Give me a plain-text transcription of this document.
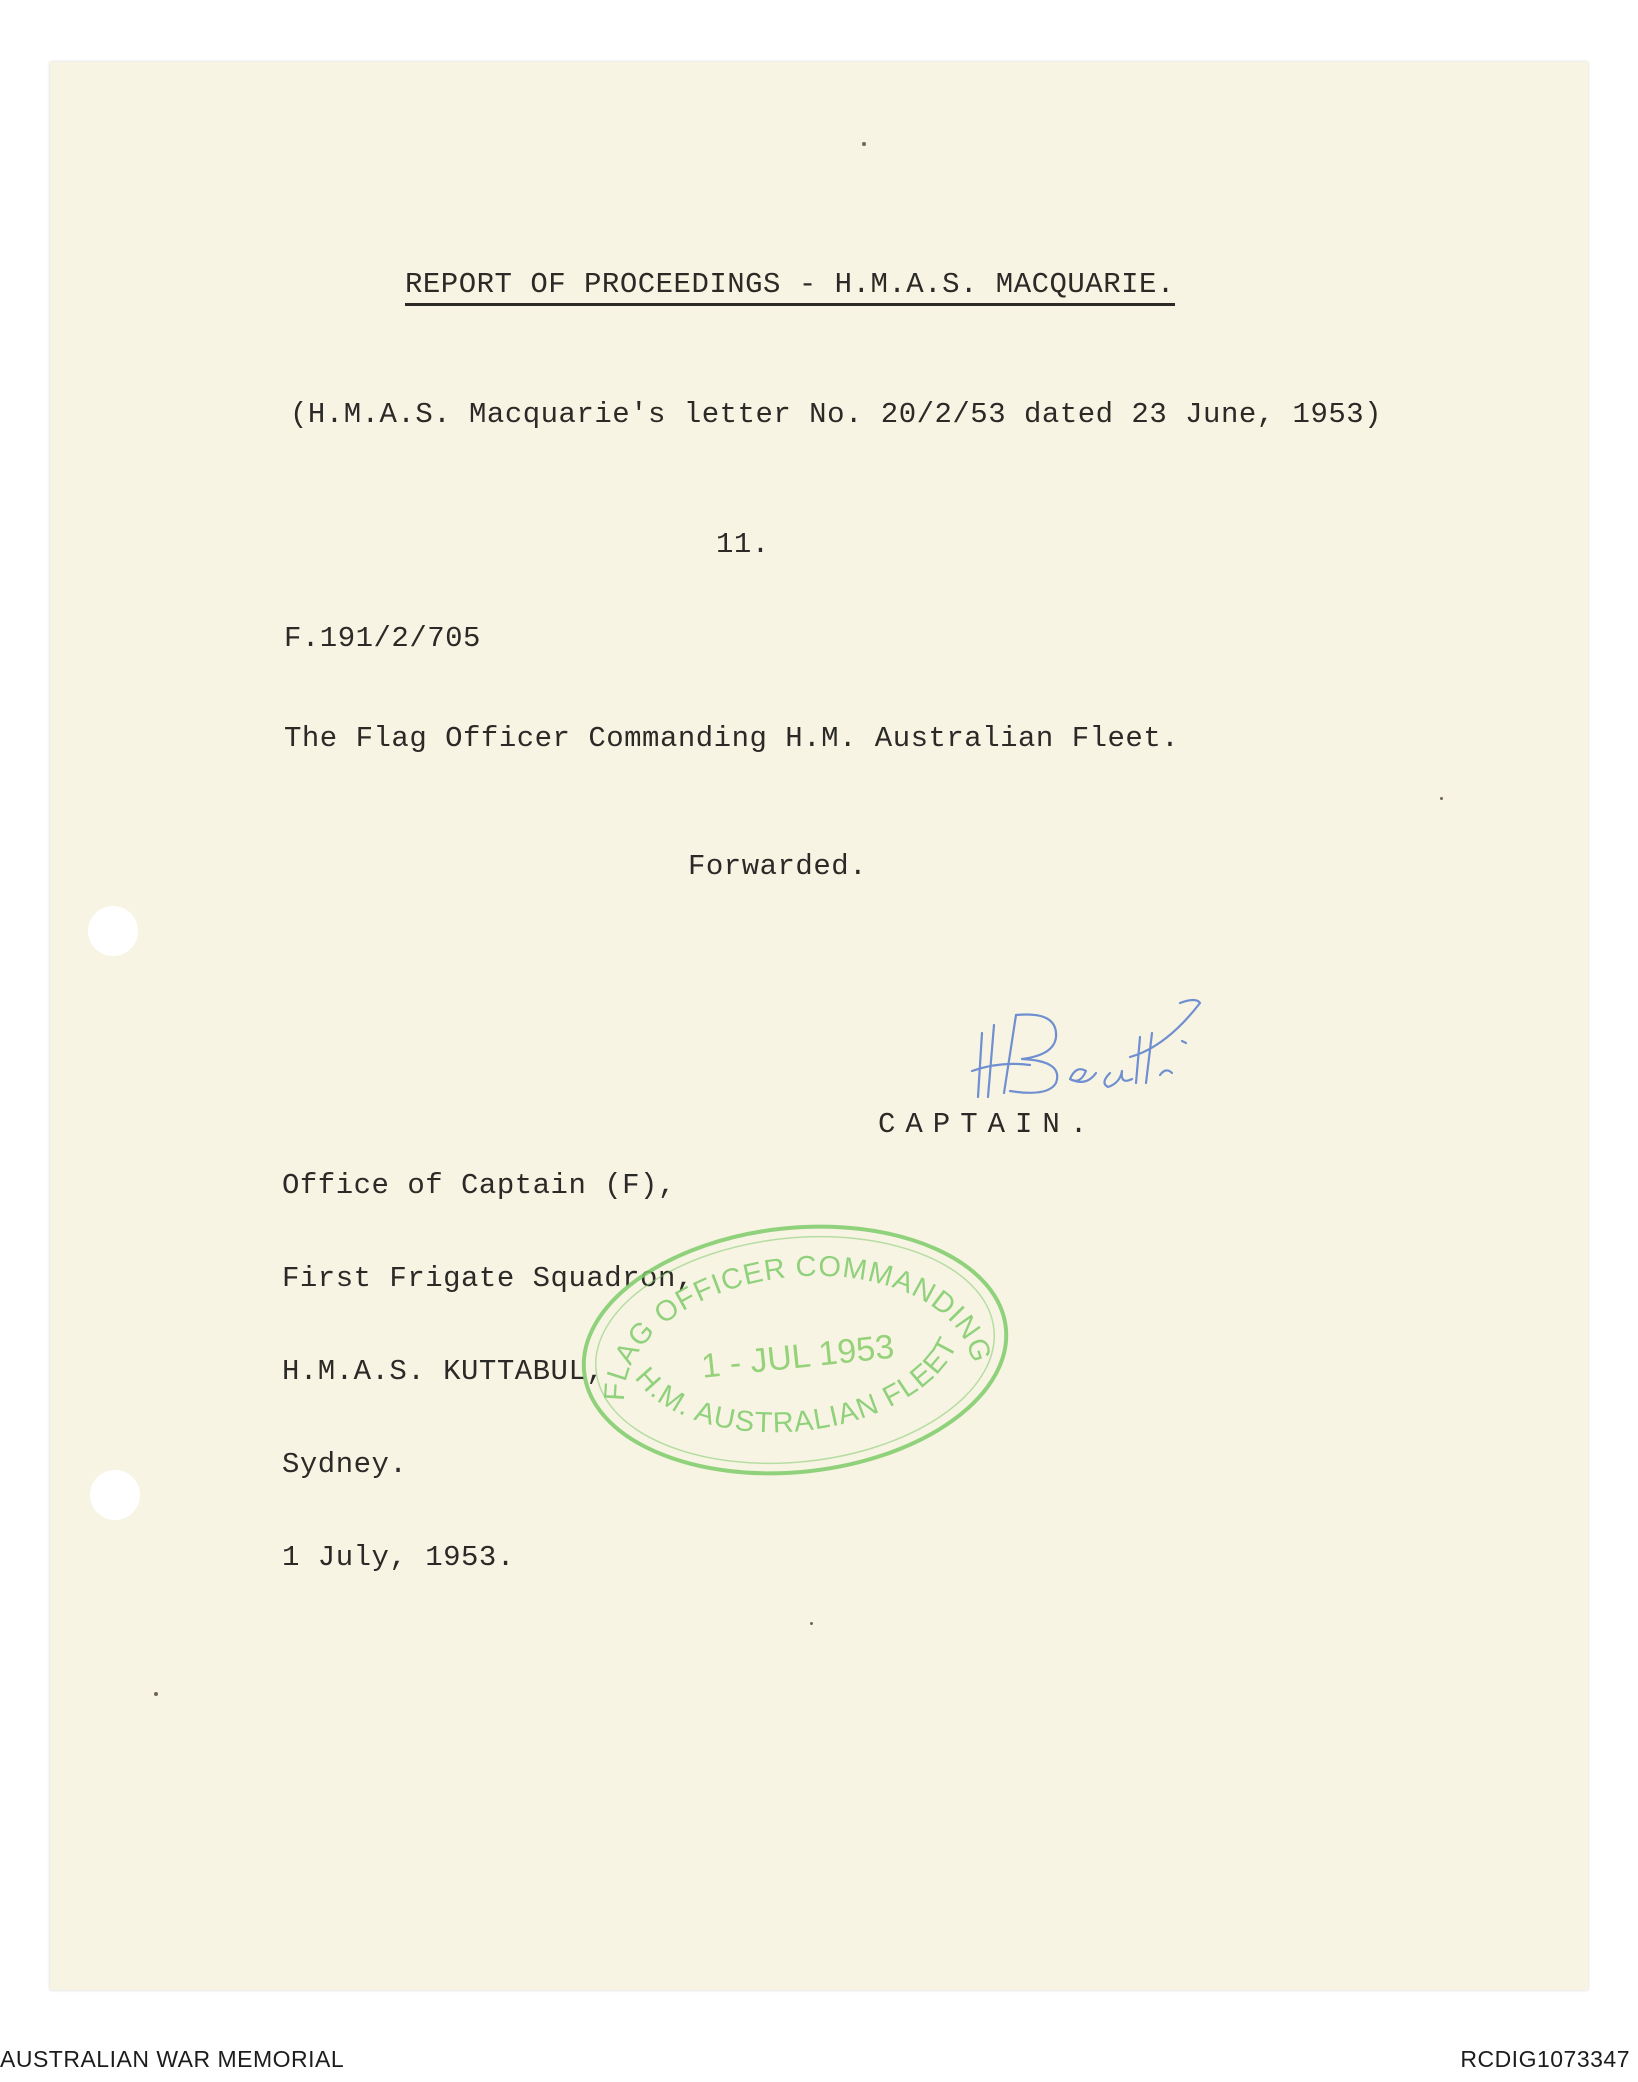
REPORT OF PROCEEDINGS - H.M.A.S. MACQUARIE.
(H.M.A.S. Macquarie's letter No. 20/2/53 dated 23 June, 1953)
11.
F.191/2/705
The Flag Officer Commanding H.M. Australian Fleet.
Forwarded.
CAPTAIN.

Office of Captain (F),

First Frigate Squadron,

H.M.A.S. KUTTABUL,

Sydney.

1 July, 1953.

FLAG OFFICER COMMANDING
1 - JUL 1953
H.M. AUSTRALIAN FLEET
AUSTRALIAN WAR MEMORIAL	RCDIG1073347
